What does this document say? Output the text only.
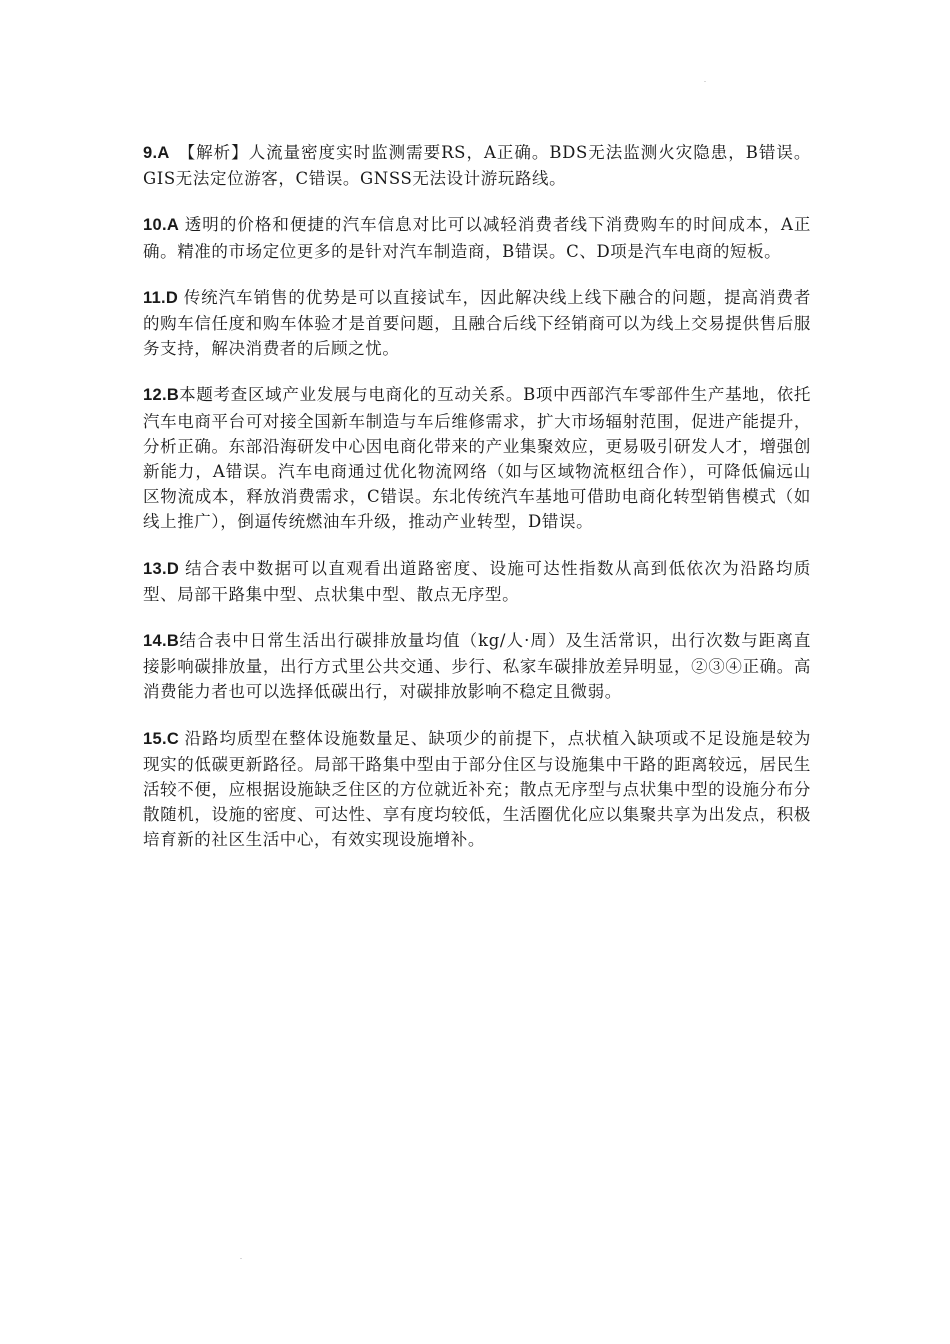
9.A　 【解析】人流量密度实时监测需要RS，A正确。BDS无法监测火灾隐患，B错误。GIS无法定位游客，C错误。GNSS无法设计游玩路线。

10.A 透明的价格和便捷的汽车信息对比可以减轻消费者线下消费购车的时间成本，A正确。精准的市场定位更多的是针对汽车制造商，B错误。C、D项是汽车电商的短板。

11.D 传统汽车销售的优势是可以直接试车，因此解决线上线下融合的问题，提高消费者的购车信任度和购车体验才是首要问题，且融合后线下经销商可以为线上交易提供售后服务支持，解决消费者的后顾之忧。

12.B本题考查区域产业发展与电商化的互动关系。B项中西部汽车零部件生产基地，依托汽车电商平台可对接全国新车制造与车后维修需求，扩大市场辐射范围，促进产能提升，分析正确。东部沿海研发中心因电商化带来的产业集聚效应，更易吸引研发人才，增强创新能力，A错误。汽车电商通过优化物流网络（如与区域物流枢纽合作），可降低偏远山区物流成本，释放消费需求，C错误。东北传统汽车基地可借助电商化转型销售模式（如线上推广），倒逼传统燃油车升级，推动产业转型，D错误。

13.D 结合表中数据可以直观看出道路密度、设施可达性指数从高到低依次为沿路均质型、局部干路集中型、点状集中型、散点无序型。

14.B结合表中日常生活出行碳排放量均值（kg/人·周）及生活常识，出行次数与距离直接影响碳排放量，出行方式里公共交通、步行、私家车碳排放差异明显，②③④正确。高消费能力者也可以选择低碳出行，对碳排放影响不稳定且微弱。

15.C 沿路均质型在整体设施数量足、缺项少的前提下，点状植入缺项或不足设施是较为现实的低碳更新路径。局部干路集中型由于部分住区与设施集中干路的距离较远，居民生活较不便，应根据设施缺乏住区的方位就近补充；散点无序型与点状集中型的设施分布分散随机，设施的密度、可达性、享有度均较低，生活圈优化应以集聚共享为出发点，积极培育新的社区生活中心，有效实现设施增补。
